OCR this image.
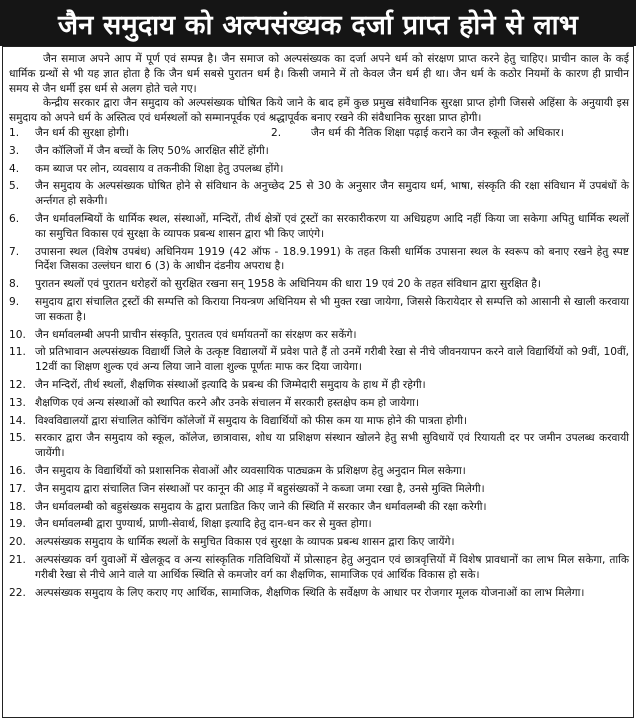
जैन समुदाय को अल्पसंख्यक दर्जा प्राप्त होने से लाभ

जैन समाज अपने आप में पूर्ण एवं सम्पन्न है। जैन समाज को अल्पसंख्यक का दर्जा अपने धर्म को संरक्षण प्राप्त करने हेतु चाहिए। प्राचीन काल के कई धार्मिक ग्रन्थों से भी यह ज्ञात होता है कि जैन धर्म सबसे पुरातन धर्म है। किसी जमाने में तो केवल जैन धर्म ही था। जैन धर्म के कठोर नियमों के कारण ही प्राचीन समय से जैन धर्मी इस धर्म से अलग होते चले गए।

केन्द्रीय सरकार द्वारा जैन समुदाय को अल्पसंख्यक घोषित किये जाने के बाद हमें कुछ प्रमुख संवैधानिक सुरक्षा प्राप्त होगी जिससे अहिंसा के अनुयायी इस समुदाय को अपने धर्म के अस्तित्व एवं धर्मस्थलों को सम्मानपूर्वक एवं श्रद्धापूर्वक बनाए रखने की संवैधानिक सुरक्षा प्राप्त होगी।

1.	जैन धर्म की सुरक्षा होगी।	2.	जैन धर्म की नैतिक शिक्षा पढ़ाई कराने का जैन स्कूलों को अधिकार।
3.	जैन कॉलिजों में जैन बच्चों के लिए 50% आरक्षित सीटें होंगी।
4.	कम ब्याज पर लोन, व्यवसाय व तकनीकी शिक्षा हेतु उपलब्ध होंगे।
5.	जैन समुदाय के अल्पसंख्यक घोषित होने से संविधान के अनुच्छेद 25 से 30 के अनुसार जैन समुदाय धर्म, भाषा, संस्कृति की रक्षा संविधान में उपबंधों के अर्न्तगत हो सकेगी।
6.	जैन धर्मावलम्बियों के धार्मिक स्थल, संस्थाओं, मन्दिरों, तीर्थ क्षेत्रों एवं ट्रस्टों का सरकारीकरण या अधिग्रहण आदि नहीं किया जा सकेगा अपितु धार्मिक स्थलों का समुचित विकास एवं सुरक्षा के व्यापक प्रबन्ध शासन द्वारा भी किए जाएंगे।
7.	उपासना स्थल (विशेष उपबंध) अधिनियम 1919 (42 ऑफ - 18.9.1991) के तहत किसी धार्मिक उपासना स्थल के स्वरूप को बनाए रखने हेतु स्पष्ट निर्देश जिसका उल्लंघन धारा 6 (3) के आधीन दंडनीय अपराध है।
8.	पुरातन स्थलों एवं पुरातन धरोहरों को सुरक्षित रखना सन् 1958 के अधिनियम की धारा 19 एवं 20 के तहत संविधान द्वारा सुरक्षित है।
9.	समुदाय द्वारा संचालित ट्रस्टों की सम्पत्ति को किराया नियन्त्रण अधिनियम से भी मुक्त रखा जायेगा, जिससे किरायेदार से सम्पत्ति को आसानी से खाली करवाया जा सकता है।
10. जैन धर्मावलम्बी अपनी प्राचीन संस्कृति, पुरातत्व एवं धर्मायतनों का संरक्षण कर सकेंगे।
11. जो प्रतिभावान अल्पसंख्यक विद्यार्थी जिले के उत्कृष्ट विद्यालयों में प्रवेश पाते हैं तो उनमें गरीबी रेखा से नीचे जीवनयापन करने वाले विद्यार्थियों को 9वीं, 10वीं, 12वीं का शिक्षण शुल्क एवं अन्य लिया जाने वाला शुल्क पूर्णतः माफ कर दिया जायेगा।
12. जैन मन्दिरों, तीर्थ स्थलों, शैक्षणिक संस्थाओं इत्यादि के प्रबन्ध की जिम्मेदारी समुदाय के हाथ में ही रहेगी।
13. शैक्षणिक एवं अन्य संस्थाओं को स्थापित करने और उनके संचालन में सरकारी हस्तक्षेप कम हो जायेगा।
14. विश्वविद्यालयों द्वारा संचालित कोचिंग कॉलेजों में समुदाय के विद्यार्थियों को फीस कम या माफ होने की पात्रता होगी।
15. सरकार द्वारा जैन समुदाय को स्कूल, कॉलेज, छात्रावास, शोध या प्रशिक्षण संस्थान खोलने हेतु सभी सुविधायें एवं रियायती दर पर जमीन उपलब्ध करवायी जायेंगी।
16. जैन समुदाय के विद्यार्थियों को प्रशासनिक सेवाओं और व्यवसायिक पाठ्यक्रम के प्रशिक्षण हेतु अनुदान मिल सकेगा।
17. जैन समुदाय द्वारा संचालित जिन संस्थाओं पर कानून की आड़ में बहुसंख्यकों ने कब्जा जमा रखा है, उनसे मुक्ति मिलेगी।
18. जैन धर्मावलम्बी को बहुसंख्यक समुदाय के द्वारा प्रताडित किए जाने की स्थिति में सरकार जैन धर्मावलम्बी की रक्षा करेगी।
19. जैन धर्मावलम्बी द्वारा पुण्यार्थ, प्राणी-सेवार्थ, शिक्षा इत्यादि हेतु दान-धन कर से मुक्त होगा।
20. अल्पसंख्यक समुदाय के धार्मिक स्थलों के समुचित विकास एवं सुरक्षा के व्यापक प्रबन्ध शासन द्वारा किए जायेंगे।
21. अल्पसंख्यक वर्ग युवाओं में खेलकूद व अन्य सांस्कृतिक गतिविधियों में प्रोत्साहन हेतु अनुदान एवं छात्रवृत्तियों में विशेष प्रावधानों का लाभ मिल सकेगा, ताकि गरीबी रेखा से नीचे आने वाले या आर्थिक स्थिति से कमजोर वर्ग का शैक्षणिक, सामाजिक एवं आर्थिक विकास हो सके।
22. अल्पसंख्यक समुदाय के लिए कराए गए आर्थिक, सामाजिक, शैक्षणिक स्थिति के सर्वेक्षण के आधार पर रोजगार मूलक योजनाओं का लाभ मिलेगा।
